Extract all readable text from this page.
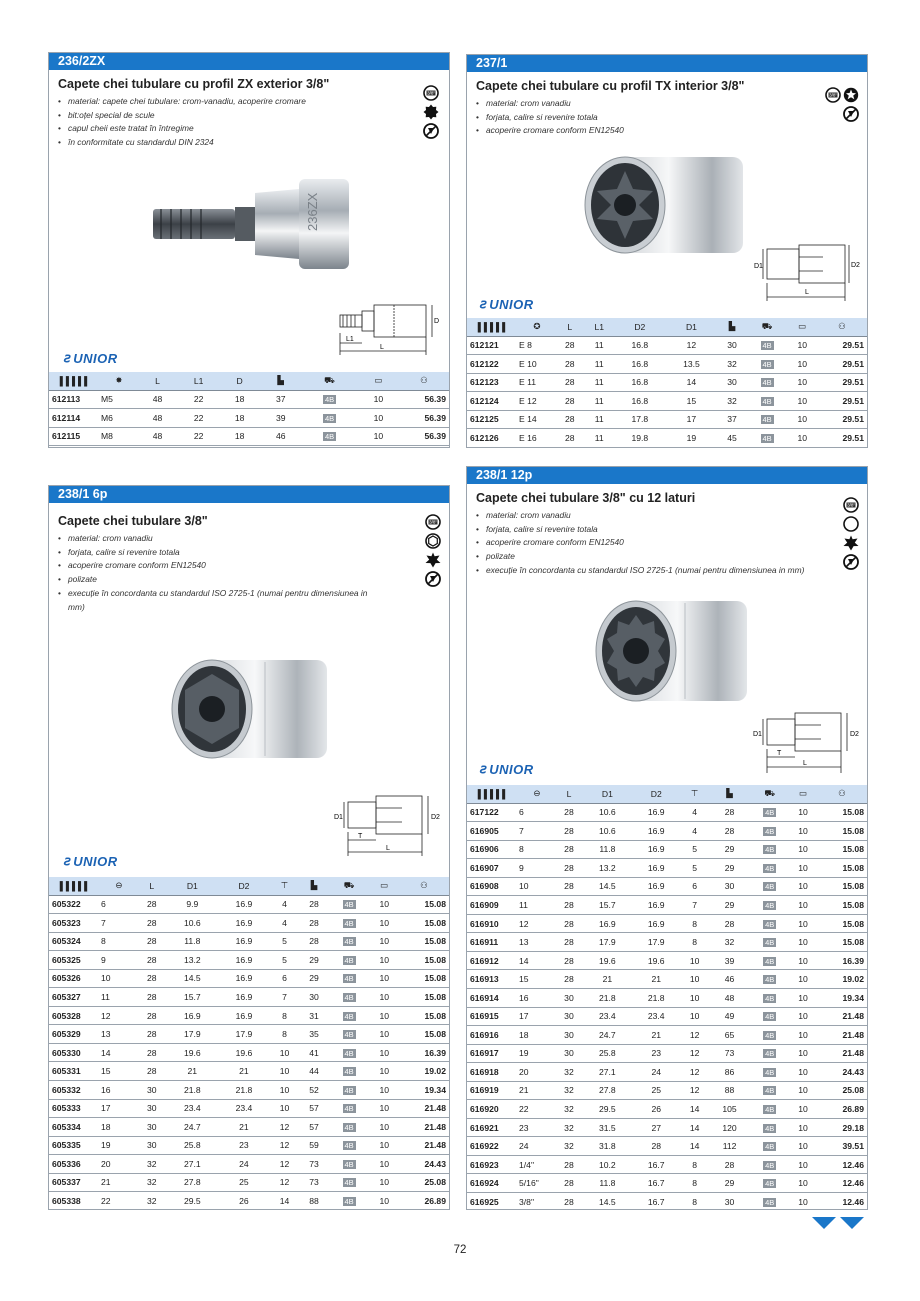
236/2ZX
Capete chei tubulare cu profil ZX exterior 3/8"
• material: capete chei tubulare: crom-vanadiu, acoperire cromare
• bit:oțel special de scule
• capul cheii este tratat în întregime
• în conformitate cu standardul DIN 2324
3/8"
236ZX
D
L1
L
ꙅ UNIOR
▌▌▌▌▌	✸	L	L1	D	▙	⛟	▭	⚇
612113	M5	48	22	18	37	4B	10	56.39
612114	M6	48	22	18	39	4B	10	56.39
612115	M8	48	22	18	46	4B	10	56.39
237/1
Capete chei tubulare cu profil TX interior 3/8"
• material: crom vanadiu
• forjata, calire si revenire totala
• acoperire cromare conform EN12540
3/8"
D1	D2
L
ꙅ UNIOR
▌▌▌▌▌	✪	L	L1	D2	D1	▙	⛟	▭	⚇
612121	E 8	28	11	16.8	12	30	4B	10	29.51
612122	E 10	28	11	16.8	13.5	32	4B	10	29.51
612123	E 11	28	11	16.8	14	30	4B	10	29.51
612124	E 12	28	11	16.8	15	32	4B	10	29.51
612125	E 14	28	11	17.8	17	37	4B	10	29.51
612126	E 16	28	11	19.8	19	45	4B	10	29.51
238/1 6p
Capete chei tubulare 3/8"
• material: crom vanadiu
• forjata, calire si revenire totala
• acoperire cromare conform EN12540
• polizate
• execuție în concordanta cu standardul ISO 2725-1 (numai pentru dimensiunea in mm)
3/8"
D1	D2
T
L
ꙅ UNIOR
▌▌▌▌▌	⊖	L	D1	D2	⊤	▙	⛟	▭	⚇
605322	6	28	9.9	16.9	4	28	4B	10	15.08
605323	7	28	10.6	16.9	4	28	4B	10	15.08
605324	8	28	11.8	16.9	5	28	4B	10	15.08
605325	9	28	13.2	16.9	5	29	4B	10	15.08
605326	10	28	14.5	16.9	6	29	4B	10	15.08
605327	11	28	15.7	16.9	7	30	4B	10	15.08
605328	12	28	16.9	16.9	8	31	4B	10	15.08
605329	13	28	17.9	17.9	8	35	4B	10	15.08
605330	14	28	19.6	19.6	10	41	4B	10	16.39
605331	15	28	21	21	10	44	4B	10	19.02
605332	16	30	21.8	21.8	10	52	4B	10	19.34
605333	17	30	23.4	23.4	10	57	4B	10	21.48
605334	18	30	24.7	21	12	57	4B	10	21.48
605335	19	30	25.8	23	12	59	4B	10	21.48
605336	20	32	27.1	24	12	73	4B	10	24.43
605337	21	32	27.8	25	12	73	4B	10	25.08
605338	22	32	29.5	26	14	88	4B	10	26.89
238/1 12p
Capete chei tubulare 3/8" cu 12 laturi
• material: crom vanadiu
• forjata, calire si revenire totala
• acoperire cromare conform EN12540
• polizate
• execuție în concordanta cu standardul ISO 2725-1 (numai pentru dimensiunea in mm)
3/8"
D1	D2
T
L
ꙅ UNIOR
▌▌▌▌▌	⊖	L	D1	D2	⊤	▙	⛟	▭	⚇
617122	6	28	10.6	16.9	4	28	4B	10	15.08
616905	7	28	10.6	16.9	4	28	4B	10	15.08
616906	8	28	11.8	16.9	5	29	4B	10	15.08
616907	9	28	13.2	16.9	5	29	4B	10	15.08
616908	10	28	14.5	16.9	6	30	4B	10	15.08
616909	11	28	15.7	16.9	7	29	4B	10	15.08
616910	12	28	16.9	16.9	8	28	4B	10	15.08
616911	13	28	17.9	17.9	8	32	4B	10	15.08
616912	14	28	19.6	19.6	10	39	4B	10	16.39
616913	15	28	21	21	10	46	4B	10	19.02
616914	16	30	21.8	21.8	10	48	4B	10	19.34
616915	17	30	23.4	23.4	10	49	4B	10	21.48
616916	18	30	24.7	21	12	65	4B	10	21.48
616917	19	30	25.8	23	12	73	4B	10	21.48
616918	20	32	27.1	24	12	86	4B	10	24.43
616919	21	32	27.8	25	12	88	4B	10	25.08
616920	22	32	29.5	26	14	105	4B	10	26.89
616921	23	32	31.5	27	14	120	4B	10	29.18
616922	24	32	31.8	28	14	112	4B	10	39.51
616923	1/4"	28	10.2	16.7	8	28	4B	10	12.46
616924	5/16"	28	11.8	16.7	8	29	4B	10	12.46
616925	3/8"	28	14.5	16.7	8	30	4B	10	12.46
72
